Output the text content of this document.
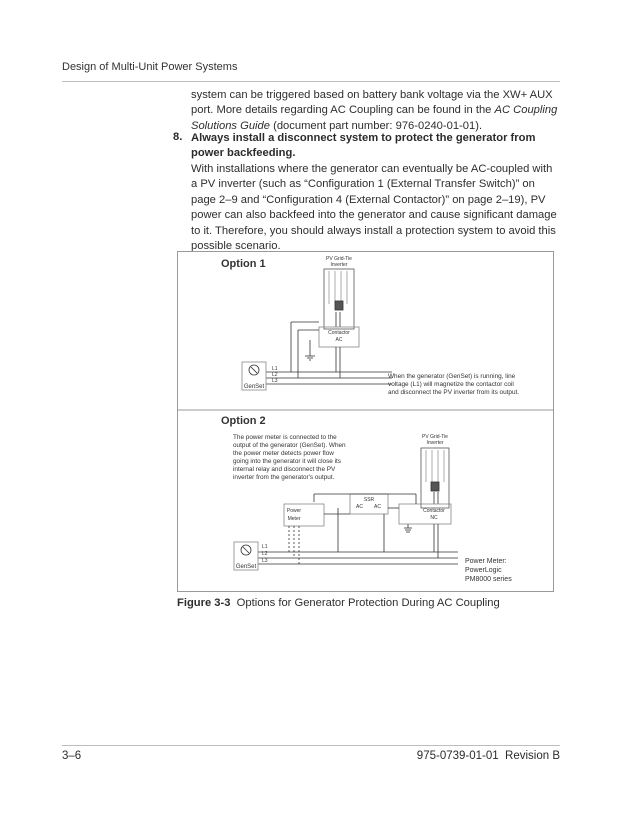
Design of Multi-Unit Power Systems
system can be triggered based on battery bank voltage via the XW+ AUX port. More details regarding AC Coupling can be found in the AC Coupling Solutions Guide (document part number: 976-0240-01-01).
8. Always install a disconnect system to protect the generator from power backfeeding.
With installations where the generator can eventually be AC-coupled with a PV inverter (such as “Configuration 1 (External Transfer Switch)” on page 2–9 and “Configuration 4 (External Contactor)” on page 2–19), PV power can also backfeed into the generator and cause significant damage to it. Therefore, you should always install a protection system to avoid this possible scenario.
Option 1	PV Grid-Tie
Inverter
Contactor
AC
L1
L2
L3
GenSet
When the generator (GenSet) is running, line
voltage (L1) will magnetize the contactor coil
and disconnect the PV inverter from its output.
Option 2
The power meter is connected to the
output of the generator (GenSet). When
the power meter detects power flow
going into the generator it will close its
internal relay and disconnect the PV
inverter from the generator's output.
PV Grid-Tie
Inverter
SSR
AC AC
Power
Meter
Contactor
NC
L1
L2
L3
GenSet
Power Meter:
PowerLogic
PM8000 series
Figure 3-3  Options for Generator Protection During AC Coupling
3–6	975-0739-01-01  Revision B
